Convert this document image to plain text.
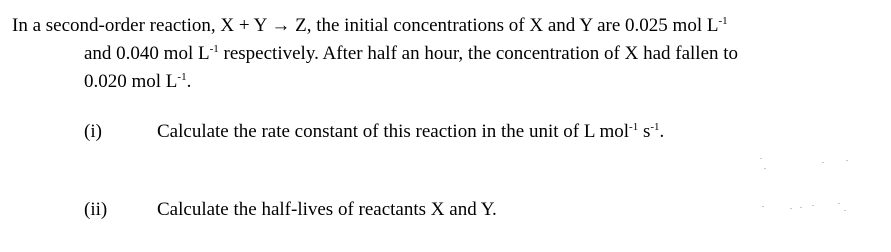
In a second-order reaction, X + Y → Z, the initial concentrations of X and Y are 0.025 mol $L^{-1}$
and 0.040 mol $L^{-1}$ respectively. After half an hour, the concentration of X had fallen to
0.020 mol $L^{-1}$.
(i)	Calculate the rate constant of this reaction in the unit of L mol$^{-1}$ $s^{-1}$.
(ii)	Calculate the half-lives of reactants X and Y.
